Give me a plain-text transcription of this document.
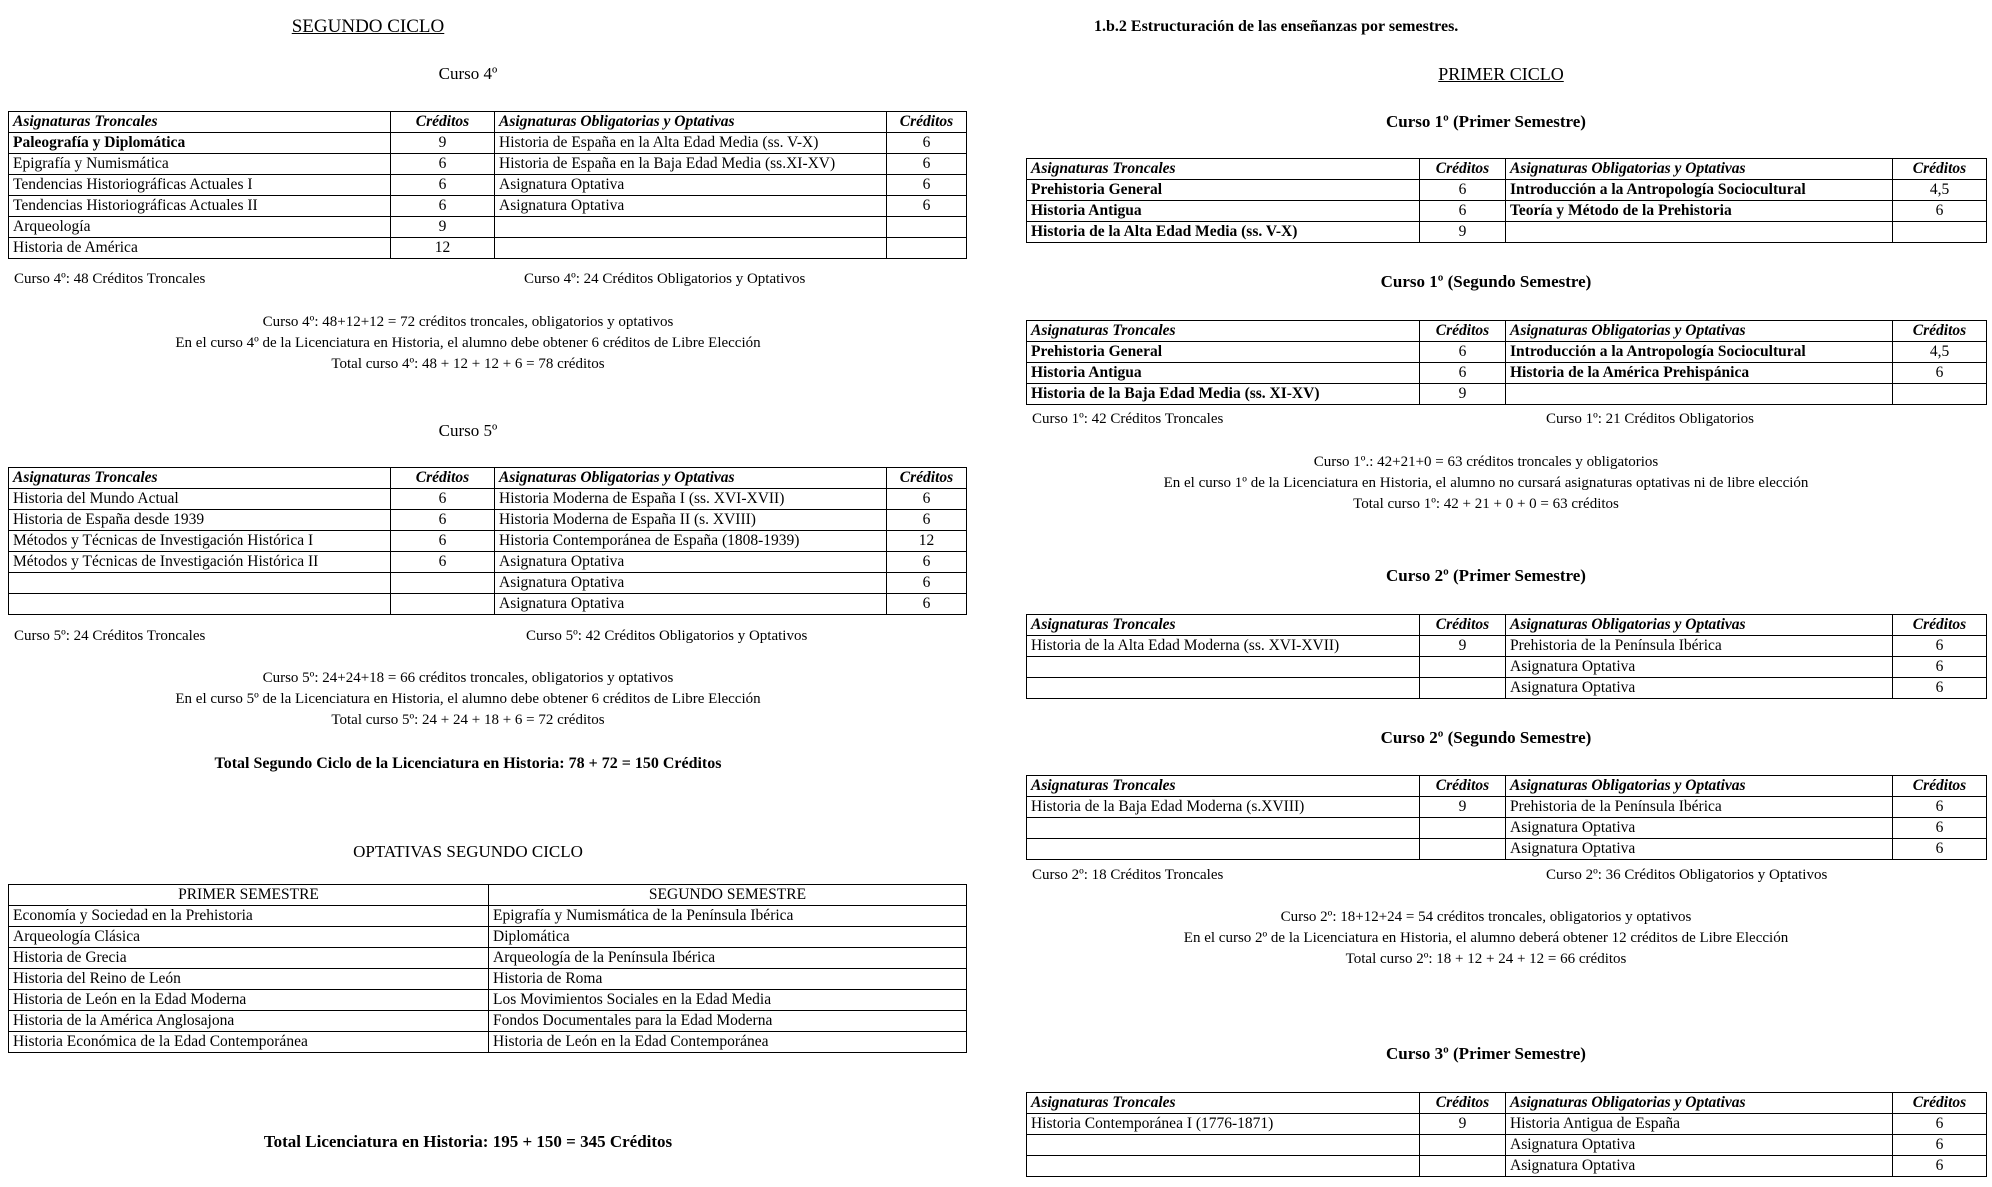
SEGUNDO CICLO
Curso 4º
Asignaturas Troncales	Créditos	Asignaturas Obligatorias y Optativas	Créditos
Paleografía y Diplomática	9	Historia de España en la Alta Edad Media (ss. V-X)	6
Epigrafía y Numismática	6	Historia de España en la Baja Edad Media (ss.XI-XV)	6
Tendencias Historiográficas Actuales I	6	Asignatura Optativa	6
Tendencias Historiográficas Actuales II	6	Asignatura Optativa	6
Arqueología	9		
Historia de América	12		
Curso 4º: 48 Créditos Troncales	Curso 4º: 24 Créditos Obligatorios y Optativos
Curso 4º: 48+12+12 = 72 créditos troncales, obligatorios y optativos
En el curso 4º de la Licenciatura en Historia, el alumno debe obtener 6 créditos de Libre Elección
Total curso 4º: 48 + 12 + 12 + 6 = 78 créditos
Curso 5º
Asignaturas Troncales	Créditos	Asignaturas Obligatorias y Optativas	Créditos
Historia del Mundo Actual	6	Historia Moderna de España I (ss. XVI-XVII)	6
Historia de España desde 1939	6	Historia Moderna de España II (s. XVIII)	6
Métodos y Técnicas de Investigación Histórica I	6	Historia Contemporánea de España (1808-1939)	12
Métodos y Técnicas de Investigación Histórica II	6	Asignatura Optativa	6
		Asignatura Optativa	6
		Asignatura Optativa	6
Curso 5º: 24 Créditos Troncales	Curso 5º: 42 Créditos Obligatorios y Optativos
Curso 5º: 24+24+18 = 66 créditos troncales, obligatorios y optativos
En el curso 5º de la Licenciatura en Historia, el alumno debe obtener 6 créditos de Libre Elección
Total curso 5º: 24 + 24 + 18 + 6 = 72 créditos
Total Segundo Ciclo de la Licenciatura en Historia: 78 + 72 = 150 Créditos
OPTATIVAS SEGUNDO CICLO
PRIMER SEMESTRE	SEGUNDO SEMESTRE
Economía y Sociedad en la Prehistoria	Epigrafía y Numismática de la Península Ibérica
Arqueología Clásica	Diplomática
Historia de Grecia	Arqueología de la Península Ibérica
Historia del Reino de León	Historia de Roma
Historia de León en la Edad Moderna	Los Movimientos Sociales en la Edad Media
Historia de la América Anglosajona	Fondos Documentales para la Edad Moderna
Historia Económica de la Edad Contemporánea	Historia de León en la Edad Contemporánea
Total Licenciatura en Historia: 195 + 150 = 345 Créditos
1.b.2 Estructuración de las enseñanzas por semestres.
PRIMER CICLO
Curso 1º (Primer Semestre)
Asignaturas Troncales	Créditos	Asignaturas Obligatorias y Optativas	Créditos
Prehistoria General	6	Introducción a la Antropología Sociocultural	4,5
Historia Antigua	6	Teoría y Método de la Prehistoria	6
Historia de la Alta Edad Media (ss. V-X)	9		
Curso 1º (Segundo Semestre)
Asignaturas Troncales	Créditos	Asignaturas Obligatorias y Optativas	Créditos
Prehistoria General	6	Introducción a la Antropología Sociocultural	4,5
Historia Antigua	6	Historia de la América Prehispánica	6
Historia de la Baja Edad Media (ss. XI-XV)	9		
Curso 1º: 42 Créditos Troncales	Curso 1º: 21 Créditos Obligatorios
Curso 1º.: 42+21+0 = 63 créditos troncales y obligatorios
En el curso 1º de la Licenciatura en Historia, el alumno no cursará asignaturas optativas ni de libre elección
Total curso 1º: 42 + 21 + 0 + 0 = 63 créditos
Curso 2º (Primer Semestre)
Asignaturas Troncales	Créditos	Asignaturas Obligatorias y Optativas	Créditos
Historia de la Alta Edad Moderna (ss. XVI-XVII)	9	Prehistoria de la Península Ibérica	6
		Asignatura Optativa	6
		Asignatura Optativa	6
Curso 2º (Segundo Semestre)
Asignaturas Troncales	Créditos	Asignaturas Obligatorias y Optativas	Créditos
Historia de la Baja Edad Moderna (s.XVIII)	9	Prehistoria de la Península Ibérica	6
		Asignatura Optativa	6
		Asignatura Optativa	6
Curso 2º: 18 Créditos Troncales	Curso 2º: 36 Créditos Obligatorios y Optativos
Curso 2º: 18+12+24 = 54 créditos troncales, obligatorios y optativos
En el curso 2º de la Licenciatura en Historia, el alumno deberá obtener 12 créditos de Libre Elección
Total curso 2º: 18 + 12 + 24 + 12 = 66 créditos
Curso 3º (Primer Semestre)
Asignaturas Troncales	Créditos	Asignaturas Obligatorias y Optativas	Créditos
Historia Contemporánea I (1776-1871)	9	Historia Antigua de España	6
		Asignatura Optativa	6
		Asignatura Optativa	6
